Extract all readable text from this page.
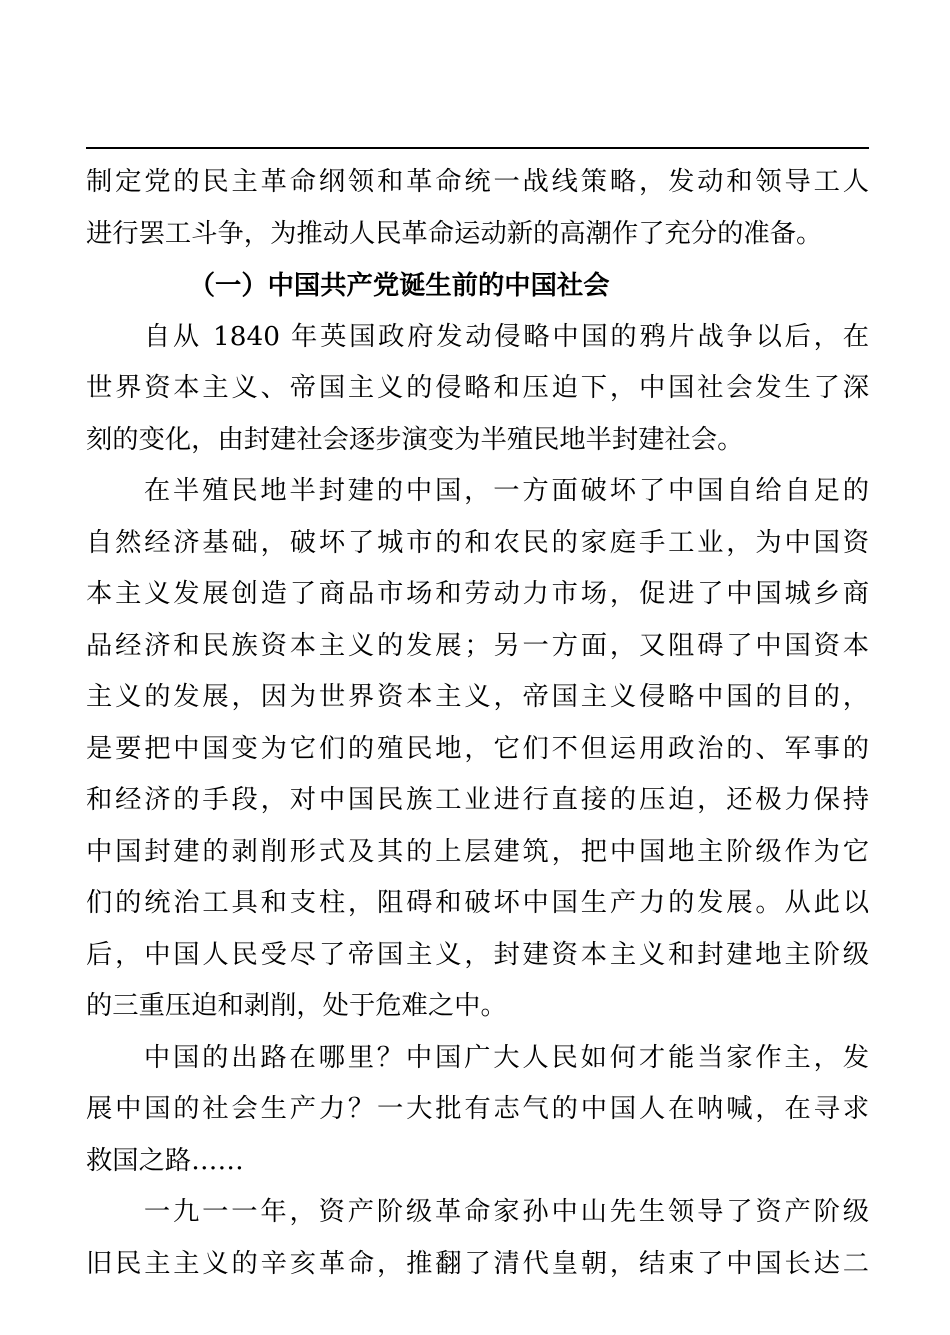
制定党的民主革命纲领和革命统一战线策略，发动和领导工人
进行罢工斗争，为推动人民革命运动新的高潮作了充分的准备。
（一）中国共产党诞生前的中国社会
自从 1840 年英国政府发动侵略中国的鸦片战争以后，在
世界资本主义、帝国主义的侵略和压迫下，中国社会发生了深
刻的变化，由封建社会逐步演变为半殖民地半封建社会。
在半殖民地半封建的中国，一方面破坏了中国自给自足的
自然经济基础，破坏了城市的和农民的家庭手工业，为中国资
本主义发展创造了商品市场和劳动力市场，促进了中国城乡商
品经济和民族资本主义的发展；另一方面，又阻碍了中国资本
主义的发展，因为世界资本主义，帝国主义侵略中国的目的，
是要把中国变为它们的殖民地，它们不但运用政治的、军事的
和经济的手段，对中国民族工业进行直接的压迫，还极力保持
中国封建的剥削形式及其的上层建筑，把中国地主阶级作为它
们的统治工具和支柱，阻碍和破坏中国生产力的发展。从此以
后，中国人民受尽了帝国主义，封建资本主义和封建地主阶级
的三重压迫和剥削，处于危难之中。
中国的出路在哪里？中国广大人民如何才能当家作主，发
展中国的社会生产力？一大批有志气的中国人在呐喊，在寻求
救国之路……
一九一一年，资产阶级革命家孙中山先生领导了资产阶级
旧民主主义的辛亥革命，推翻了清代皇朝，结束了中国长达二
